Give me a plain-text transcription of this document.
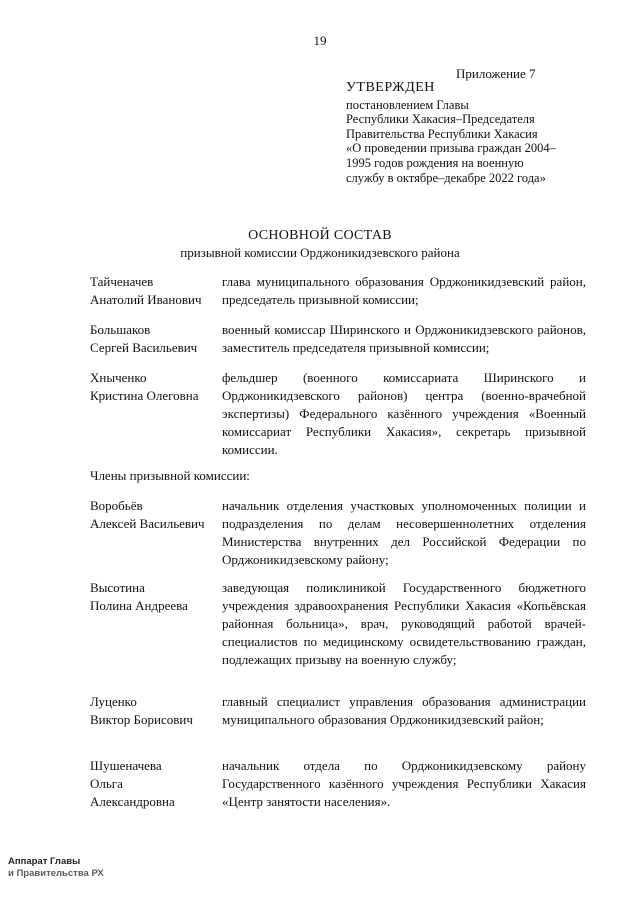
19
Приложение 7
УТВЕРЖДЕН
постановлением Главы
Республики Хакасия–Председателя
Правительства Республики Хакасия
«О проведении призыва граждан 2004–
1995 годов рождения на военную
службу в октябре–декабре 2022 года»
ОСНОВНОЙ СОСТАВ
призывной комиссии Орджоникидзевского района
Тайченачев
Анатолий Иванович
глава муниципального образования Орджоникидзевский район, председатель призывной комиссии;
Большаков
Сергей Васильевич
военный комиссар Ширинского и Орджоникидзевского районов, заместитель председателя призывной комиссии;
Хныченко
Кристина Олеговна
фельдшер (военного комиссариата Ширинского и Орджоникидзевского районов) центра (военно-врачебной экспертизы) Федерального казённого учреждения «Военный комиссариат Республики Хакасия», секретарь призывной комиссии.
Члены призывной комиссии:
Воробьёв
Алексей Васильевич
начальник отделения участковых уполномоченных полиции и подразделения по делам несовершеннолетних отделения Министерства внутренних дел Российской Федерации по Орджоникидзевскому району;
Высотина
Полина Андреева
заведующая поликлиникой Государственного бюджетного учреждения здравоохранения Республики Хакасия «Копьёвская районная больница», врач, руководящий работой врачей-специалистов по медицинскому освидетельствованию граждан, подлежащих призыву на военную службу;
Луценко
Виктор Борисович
главный специалист управления образования администрации муниципального образования Орджоникидзевский район;
Шушеначева
Ольга
Александровна
начальник отдела по Орджоникидзевскому району Государственного казённого учреждения Республики Хакасия «Центр занятости населения».
Аппарат Главы
и Правительства РХ
